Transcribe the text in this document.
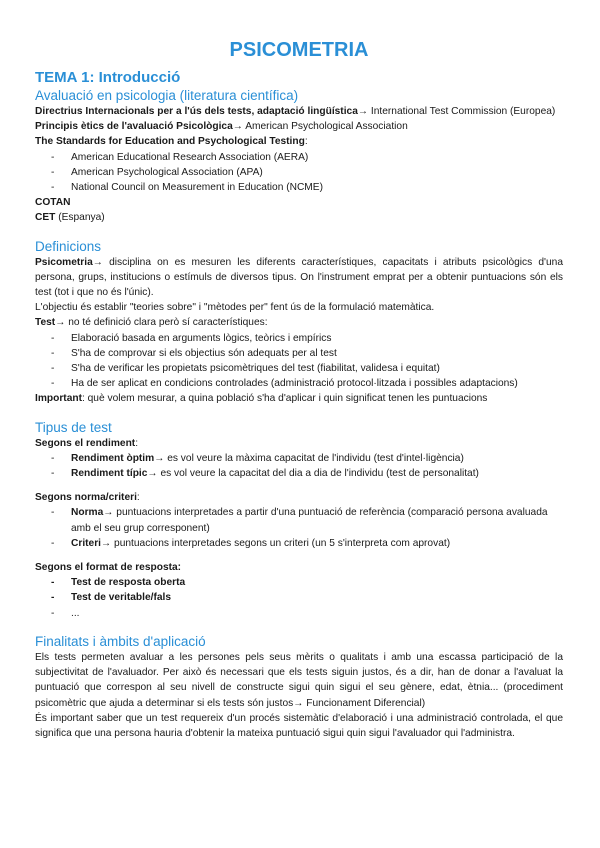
PSICOMETRIA
TEMA 1: Introducció
Avaluació en psicologia (literatura científica)

Directrius Internacionals per a l'ús dels tests, adaptació lingüística→ International Test Commission (Europea)

Principis ètics de l'avaluació Psicològica→ American Psychological Association

The Standards for Education and Psychological Testing:

- American Educational Research Association (AERA)
- American Psychological Association (APA)
- National Council on Measurement in Education (NCME)

COTAN

CET (Espanya)

Definicions

Psicometria→ disciplina on es mesuren les diferents característiques, capacitats i atributs psicològics d'una persona, grups, institucions o estímuls de diversos tipus. On l'instrument emprat per a obtenir puntuacions són els test (tot i que no és l'únic).

L'objectiu és establir "teories sobre" i "mètodes per" fent ús de la formulació matemàtica.

Test→ no té definició clara però sí característiques:

- Elaboració basada en arguments lògics, teòrics i empírics
- S'ha de comprovar si els objectius són adequats per al test
- S'ha de verificar les propietats psicomètriques del test (fiabilitat, validesa i equitat)
- Ha de ser aplicat en condicions controlades (administració protocol·litzada i possibles adaptacions)

Important: què volem mesurar, a quina població s'ha d'aplicar i quin significat tenen les puntuacions

Tipus de test

Segons el rendiment:

- Rendiment òptim→ es vol veure la màxima capacitat de l'individu (test d'intel·ligència)
- Rendiment típic→ es vol veure la capacitat del dia a dia de l'individu (test de personalitat)

Segons norma/criteri:

- Norma→ puntuacions interpretades a partir d'una puntuació de referència (comparació persona avaluada amb el seu grup corresponent)
- Criteri→ puntuacions interpretades segons un criteri (un 5 s'interpreta com aprovat)

Segons el format de resposta:

- Test de resposta oberta
- Test de veritable/fals
- ...
Finalitats i àmbits d'aplicació

Els tests permeten avaluar a les persones pels seus mèrits o qualitats i amb una escassa participació de la subjectivitat de l'avaluador. Per això és necessari que els tests siguin justos, és a dir, han de donar a l'avaluat la puntuació que correspon al seu nivell de constructe sigui quin sigui el seu gènere, edat, ètnia... (procediment psicomètric que ajuda a determinar si els tests són justos→ Funcionament Diferencial)

És important saber que un test requereix d'un procés sistemàtic d'elaboració i una administració controlada, el que significa que una persona hauria d'obtenir la mateixa puntuació sigui quin sigui l'avaluador qui l'administra.
